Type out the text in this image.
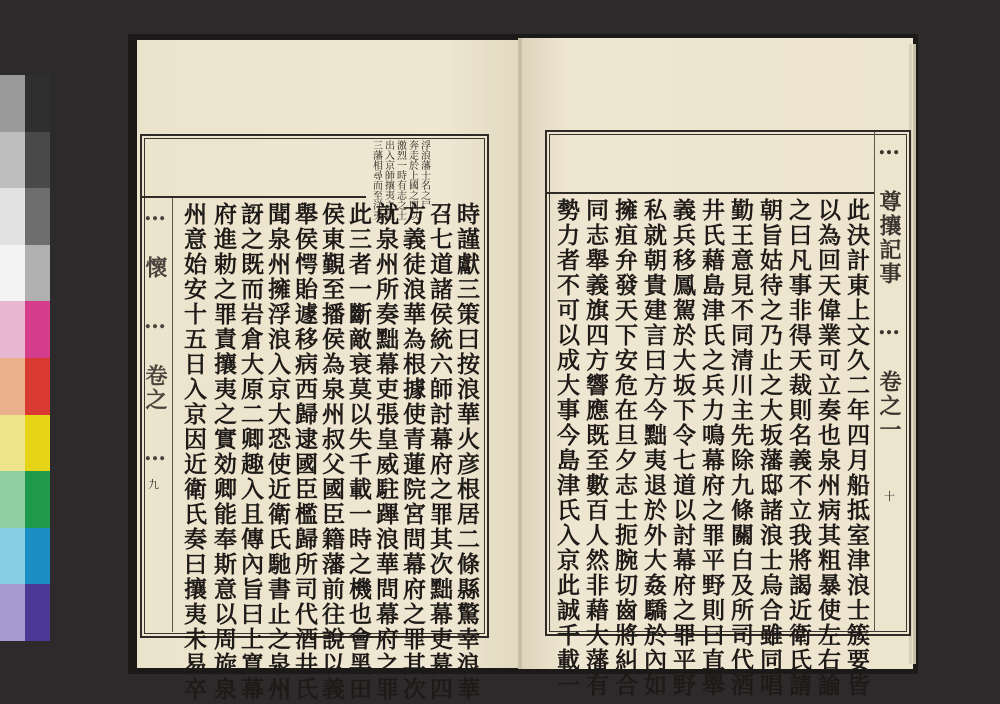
三藩相尋而至洋夷 出入京師攘夷之議 激烈一時有志之士 奔走於上國之間以 浮浪藩士名之尸
… 懷 … 卷之 …
九	時謹獻三策曰按浪華火彦根居二條縣驚幸浪華
召七道諸侯統六師討幕府之罪其次黜幕吏募四
方義徒浪華為根據使青蓮院宮問幕府之罪其次
就泉州所奏黜幕吏張皇威駐蹕浪華問幕府之罪
此三者一斷敵衰莫以失千載一時之機也會黑田
侯東覲至播侯為泉州叔父國臣籍藩前往說以義
舉侯愕貽遽移病西歸逮國臣檻歸所司代酒井氏
聞泉州擁浮浪入京大恐使近衛氏馳書止之泉州
訝之既而岩倉大原二卿趣入且傳內旨曰上寬幕
府進勅之罪責攘夷之實効卿能奉斯意以周旋泉
州意始安十五日入京因近衛氏奏曰攘夷未易卒	… 尊攘記事 … 卷之一
十
此決計東上文久二年四月船抵室津浪士簇要皆
以為回天偉業可立奏也泉州病其粗暴使左右諭
之曰凡事非得天裁則名義不立我將謁近衛氏請
朝旨姑待之乃止之大坂藩邸諸浪士烏合雖同唱
勤王意見不同清川主先除九條關白及所司代酒
井氏藉島津氏之兵力鳴幕府之罪平野則曰直舉
義兵移鳳駕於大坂下令七道以討幕府之罪平野
私就朝貴建言曰方今黜夷退於外大姦驕於內如
擁疽弁發天下安危在旦夕志士扼腕切齒將糾合
同志舉義旗四方響應既至數百人然非藉大藩有
勢力者不可以成大事今島津氏入京此誠千載一
